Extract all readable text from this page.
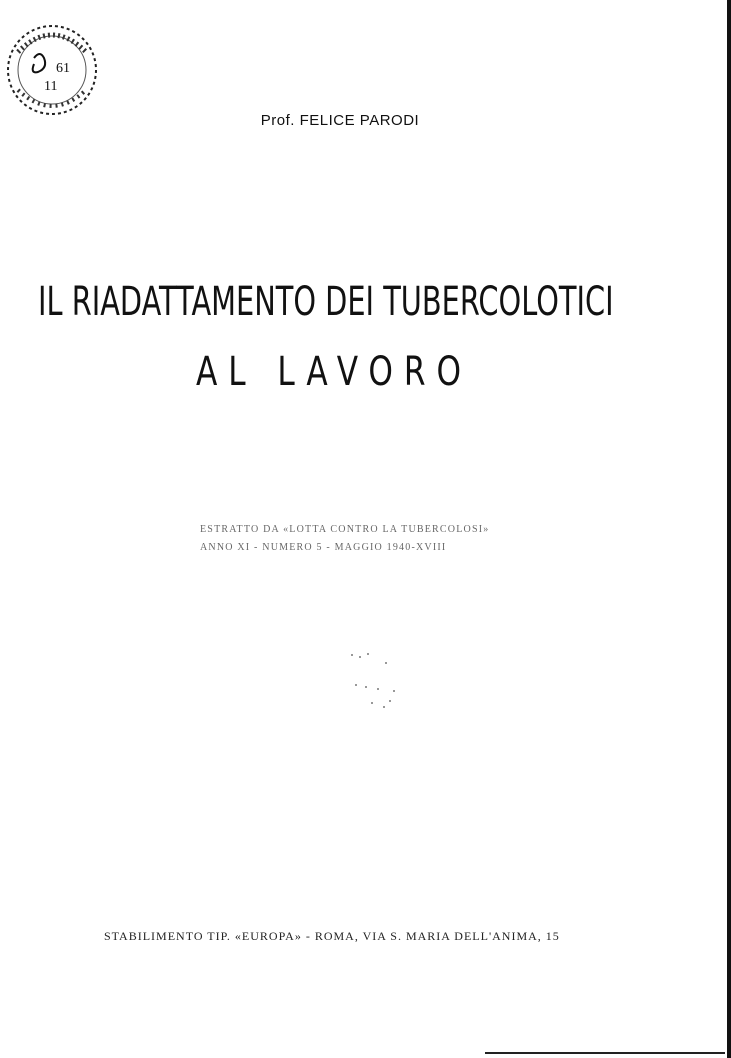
61
11
Prof. FELICE PARODI
IL RIADATTAMENTO DEI TUBERCOLOTICI
AL LAVORO
ESTRATTO DA «LOTTA CONTRO LA TUBERCOLOSI»
ANNO XI - NUMERO 5 - MAGGIO 1940-XVIII
STABILIMENTO TIP. «EUROPA» - ROMA, VIA S. MARIA DELL'ANIMA, 15
